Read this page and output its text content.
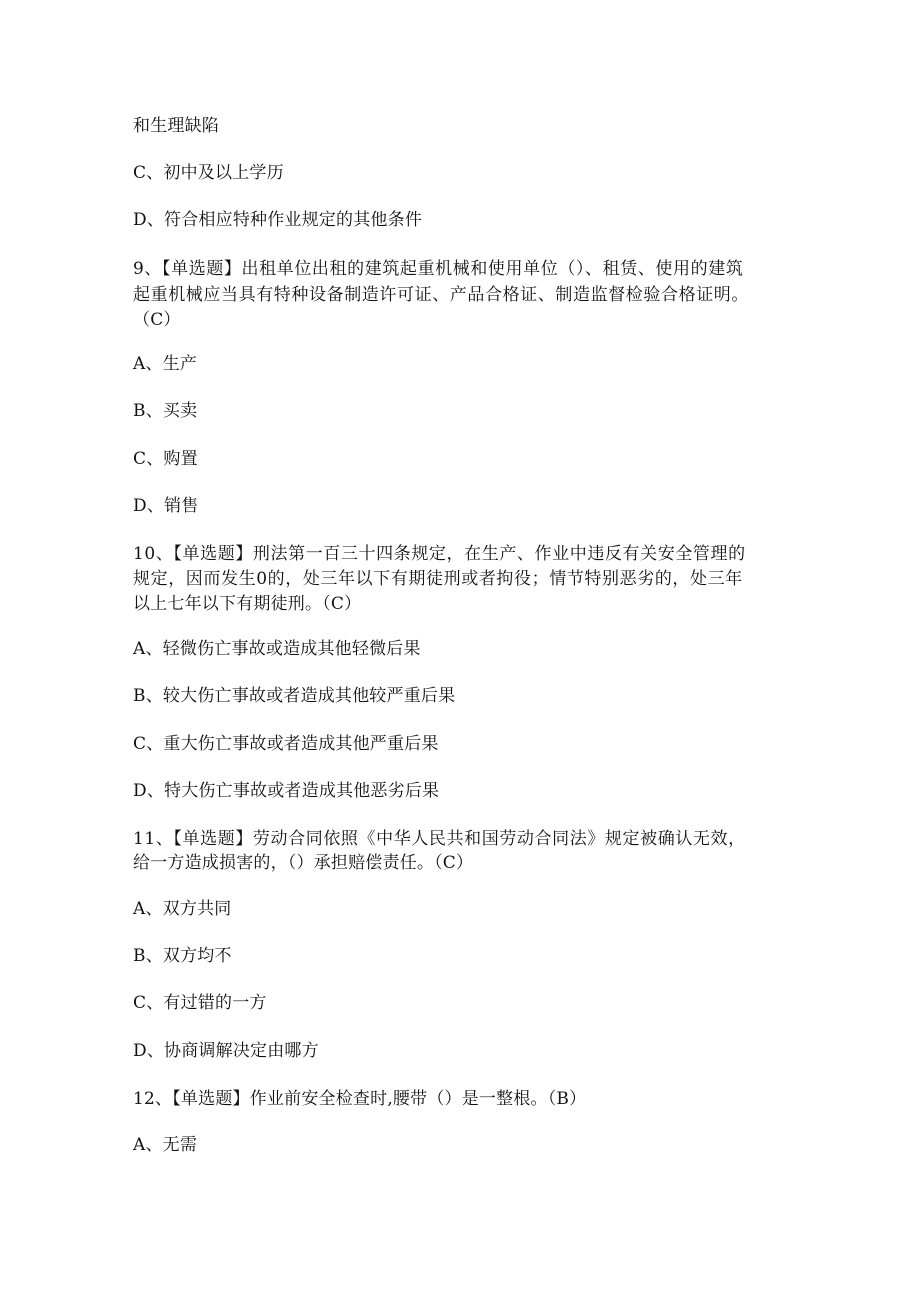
和生理缺陷
C、初中及以上学历
D、符合相应特种作业规定的其他条件
9、【单选题】出租单位出租的建筑起重机械和使用单位（）、租赁、使用的建筑
起重机械应当具有特种设备制造许可证、产品合格证、制造监督检验合格证明。
（C）
A、生产
B、买卖
C、购置
D、销售
10、【单选题】刑法第一百三十四条规定，在生产、作业中违反有关安全管理的
规定，因而发生0的，处三年以下有期徒刑或者拘役；情节特别恶劣的，处三年
以上七年以下有期徒刑。（C）
A、轻微伤亡事故或造成其他轻微后果
B、较大伤亡事故或者造成其他较严重后果
C、重大伤亡事故或者造成其他严重后果
D、特大伤亡事故或者造成其他恶劣后果
11、【单选题】劳动合同依照《中华人民共和国劳动合同法》规定被确认无效，
给一方造成损害的，（）承担赔偿责任。（C）
A、双方共同
B、双方均不
C、有过错的一方
D、协商调解决定由哪方
12、【单选题】作业前安全检查时,腰带（）是一整根。（B）
A、无需
